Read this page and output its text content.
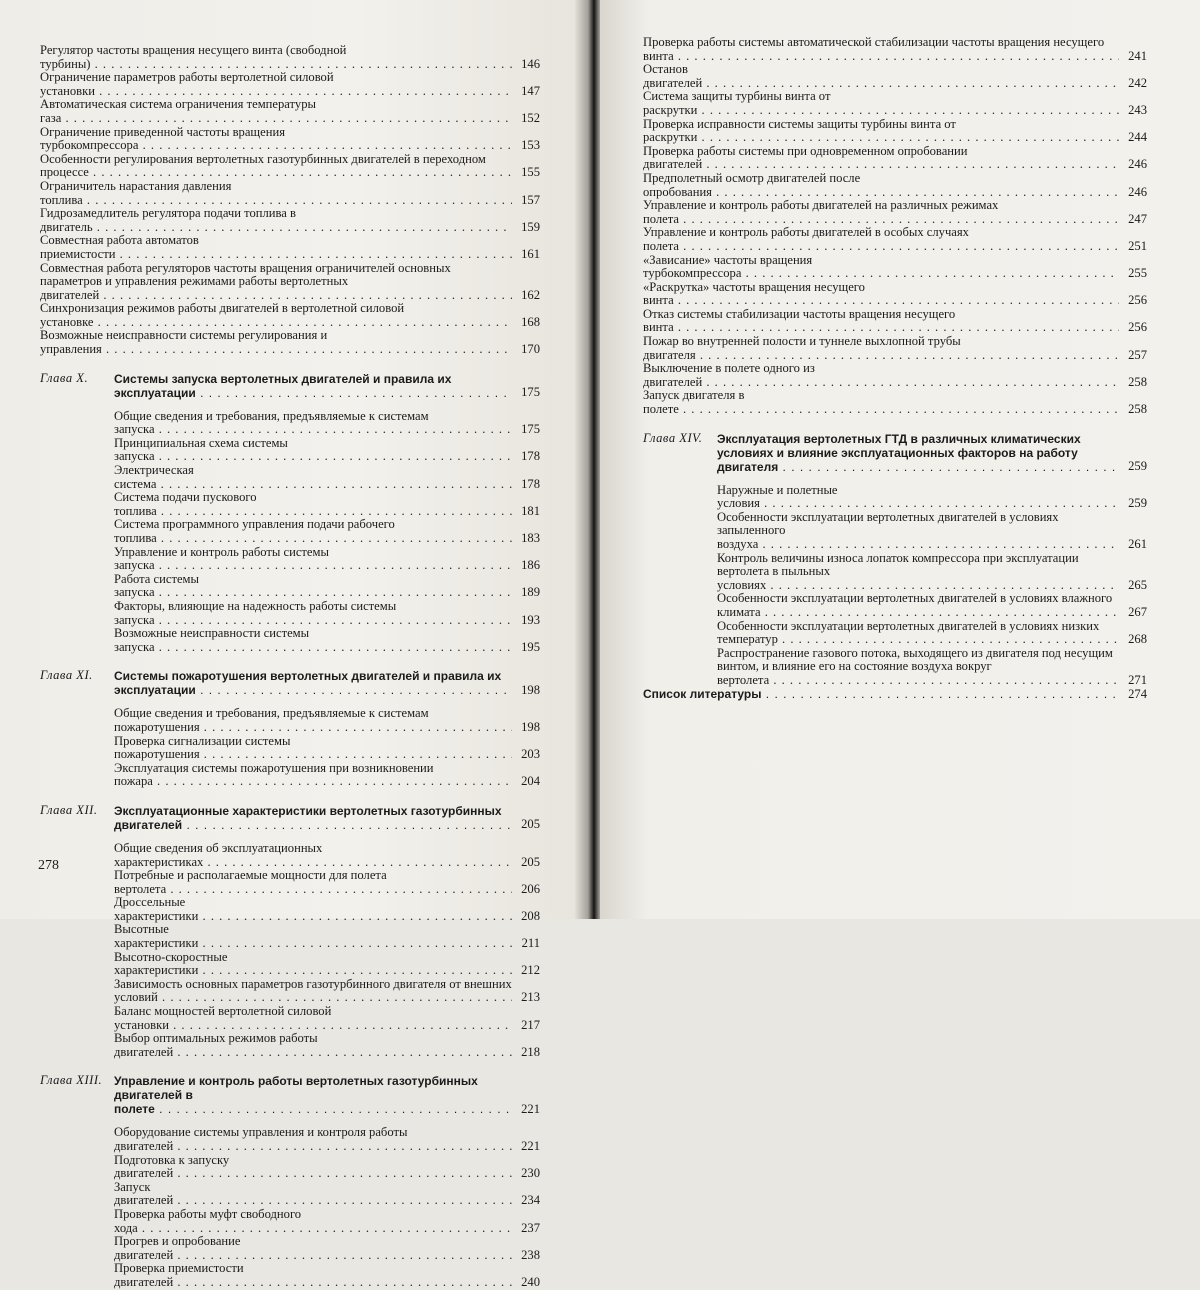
Регулятор частоты вращения несущего винта (свободной турбины) . . .	146
Ограничение параметров работы вертолетной силовой установки . . .	147
Автоматическая система ограничения температуры газа . . .	152
Ограничение приведенной частоты вращения турбокомпрессора . . .	153
Особенности регулирования вертолетных газотурбинных двигателей в переходном процессе . . .	155
Ограничитель нарастания давления топлива . . .	157
Гидрозамедлитель регулятора подачи топлива в двигатель . . .	159
Совместная работа автоматов приемистости . . .	161
Совместная работа регуляторов частоты вращения ограничителей основных параметров и управления режимами работы вертолетных двигателей . . .	162
Синхронизация режимов работы двигателей в вертолетной силовой установке . . .	168
Возможные неисправности системы регулирования и управления . . .	170
Глава X.	Системы запуска вертолетных двигателей и правила их эксплуатации . . .	175
Общие сведения и требования, предъявляемые к системам запуска . . .	175
Принципиальная схема системы запуска . . .	178
Электрическая система . . .	178
Система подачи пускового топлива . . .	181
Система программного управления подачи рабочего топлива . . .	183
Управление и контроль работы системы запуска . . .	186
Работа системы запуска . . .	189
Факторы, влияющие на надежность работы системы запуска . . .	193
Возможные неисправности системы запуска . . .	195
Глава XI.	Системы пожаротушения вертолетных двигателей и правила их эксплуатации . . .	198
Общие сведения и требования, предъявляемые к системам пожаротушения . . .	198
Проверка сигнализации системы пожаротушения . . .	203
Эксплуатация системы пожаротушения при возникновении пожара . . .	204
Глава XII.	Эксплуатационные характеристики вертолетных газотурбинных двигателей . . .	205
Общие сведения об эксплуатационных характеристиках . . .	205
Потребные и располагаемые мощности для полета вертолета . . .	206
Дроссельные характеристики . . .	208
Высотные характеристики . . .	211
Высотно-скоростные характеристики . . .	212
Зависимость основных параметров газотурбинного двигателя от внешних условий . . .	213
Баланс мощностей вертолетной силовой установки . . .	217
Выбор оптимальных режимов работы двигателей . . .	218
Глава XIII. Управление и контроль работы вертолетных газотурбинных двигателей в полете . . .	221
Оборудование системы управления и контроля работы двигателей . . .	221
Подготовка к запуску двигателей . . .	230
Запуск двигателей . . .	234
Проверка работы муфт свободного хода . . .	237
Прогрев и опробование двигателей . . .	238
Проверка приемистости двигателей . . .	240
278
Проверка работы системы автоматической стабилизации частоты вращения несущего винта . . .	241
Останов двигателей . . .	242
Система защиты турбины винта от раскрутки . . .	243
Проверка исправности системы защиты турбины винта от раскрутки . . .	244
Проверка работы системы при одновременном опробовании двигателей . . .	246
Предполетный осмотр двигателей после опробования . . .	246
Управление и контроль работы двигателей на различных режимах полета . . .	247
Управление и контроль работы двигателей в особых случаях полета . . .	251
«Зависание» частоты вращения турбокомпрессора . . .	255
«Раскрутка» частоты вращения несущего винта . . .	256
Отказ системы стабилизации частоты вращения несущего винта . . .	256
Пожар во внутренней полости и туннеле выхлопной трубы двигателя . . .	257
Выключение в полете одного из двигателей . . .	258
Запуск двигателя в полете . . .	258
Глава XIV.	Эксплуатация вертолетных ГТД в различных климатических условиях и влияние эксплуатационных факторов на работу двигателя . . .	259
Наружные и полетные условия . . .	259
Особенности эксплуатации вертолетных двигателей в условиях запыленного воздуха . . .	261
Контроль величины износа лопаток компрессора при эксплуатации вертолета в пыльных условиях . . .	265
Особенности эксплуатации вертолетных двигателей в условиях влажного климата . . .	267
Особенности эксплуатации вертолетных двигателей в условиях низких температур . . .	268
Распространение газового потока, выходящего из двигателя под несущим винтом, и влияние его на состояние воздуха вокруг вертолета . . .	271
Список литературы . . .	274
